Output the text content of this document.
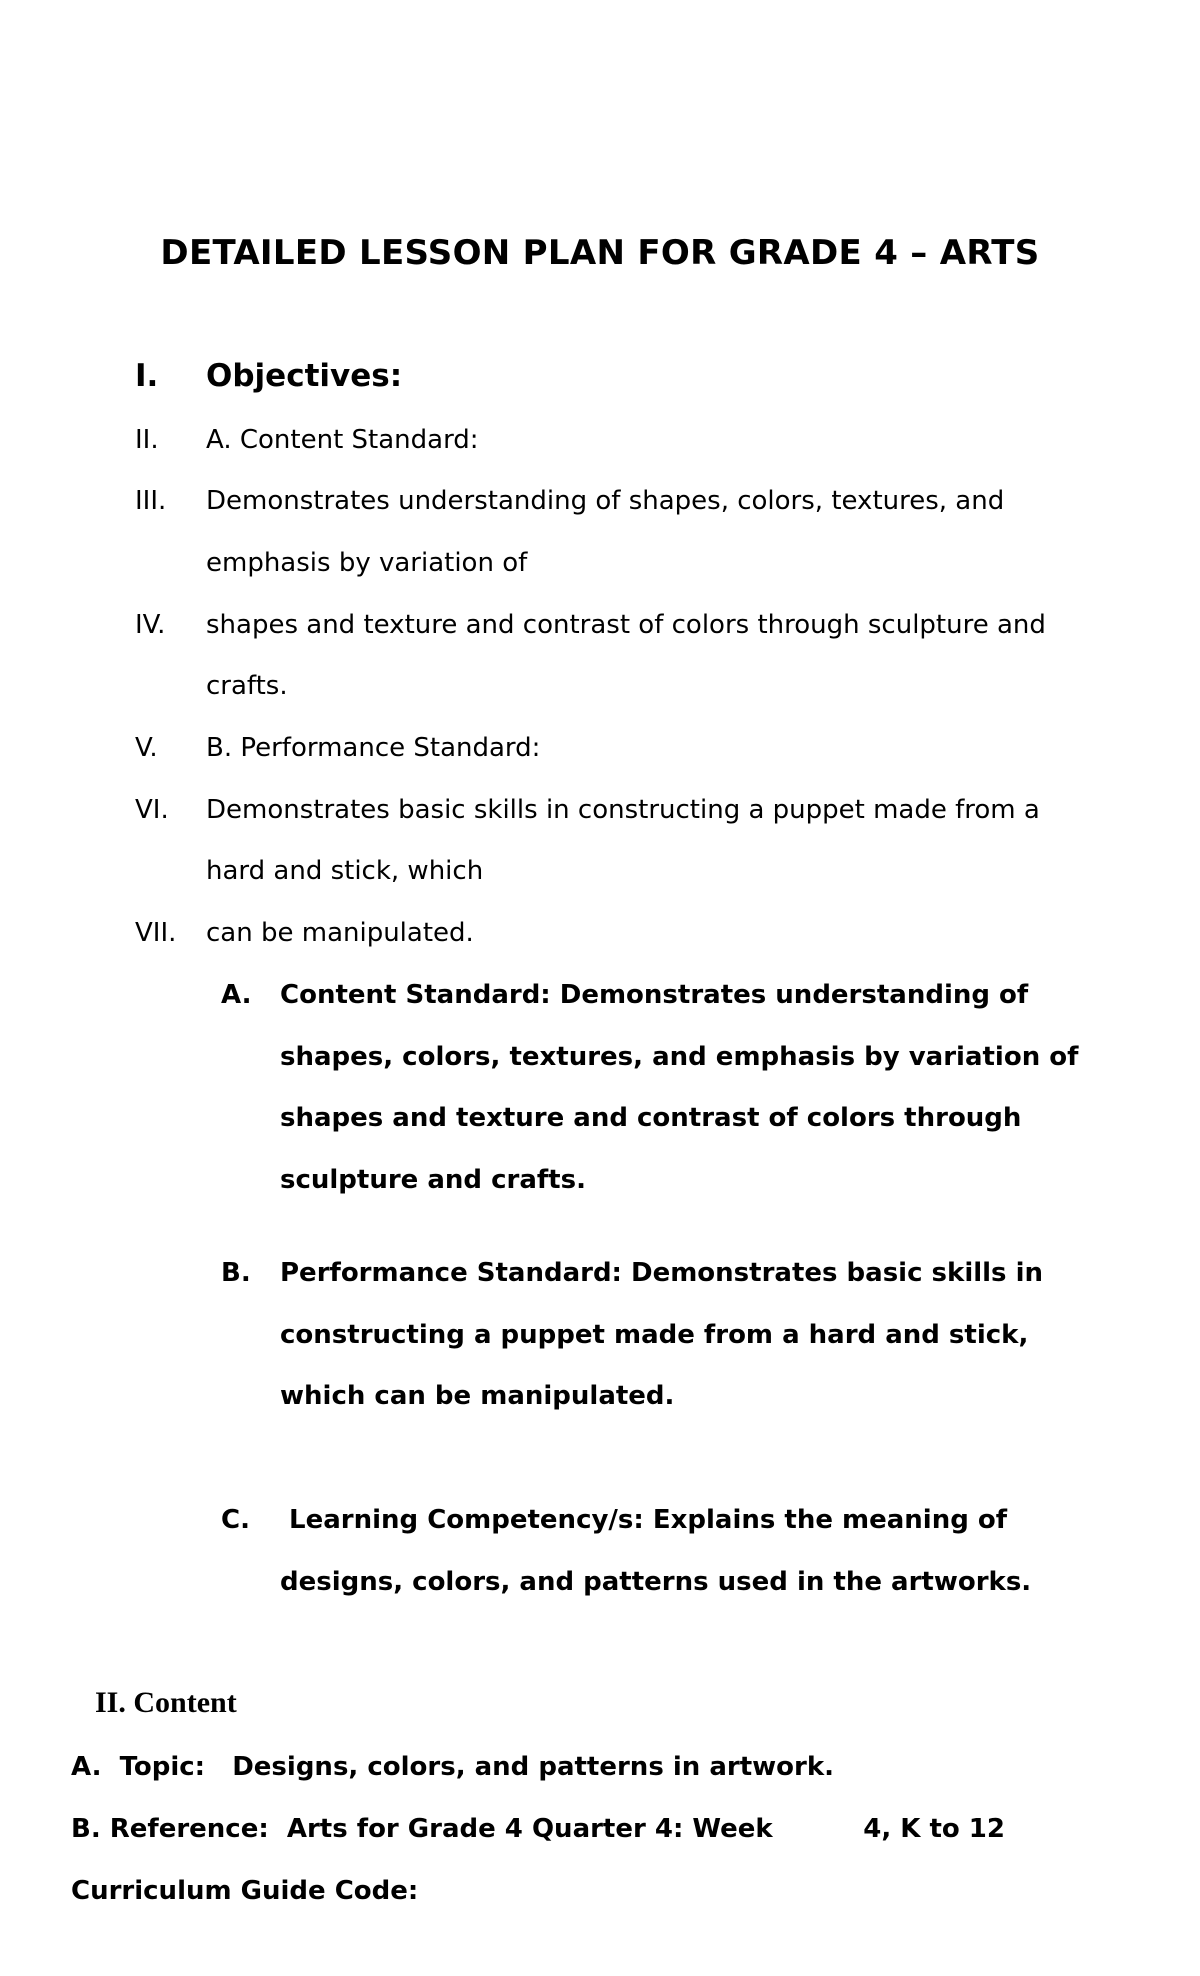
DETAILED LESSON PLAN FOR GRADE 4 – ARTS
I.	Objectives:
II.	A. Content Standard:
III.	Demonstrates understanding of shapes, colors, textures, and
emphasis by variation of
IV.	shapes and texture and contrast of colors through sculpture and
crafts.
V.	B. Performance Standard:
VI.	Demonstrates basic skills in constructing a puppet made from a
hard and stick, which
VII.	can be manipulated.
A. Content Standard: Demonstrates understanding of
shapes, colors, textures, and emphasis by variation of
shapes and texture and contrast of colors through
sculpture and crafts.
B. Performance Standard: Demonstrates basic skills in
constructing a puppet made from a hard and stick,
which can be manipulated.
C. Learning Competency/s: Explains the meaning of
designs, colors, and patterns used in the artworks.
II. Content
A.  Topic:   Designs, colors, and patterns in artwork.
B. Reference:  Arts for Grade 4 Quarter 4: Week          4, K to 12
Curriculum Guide Code:
